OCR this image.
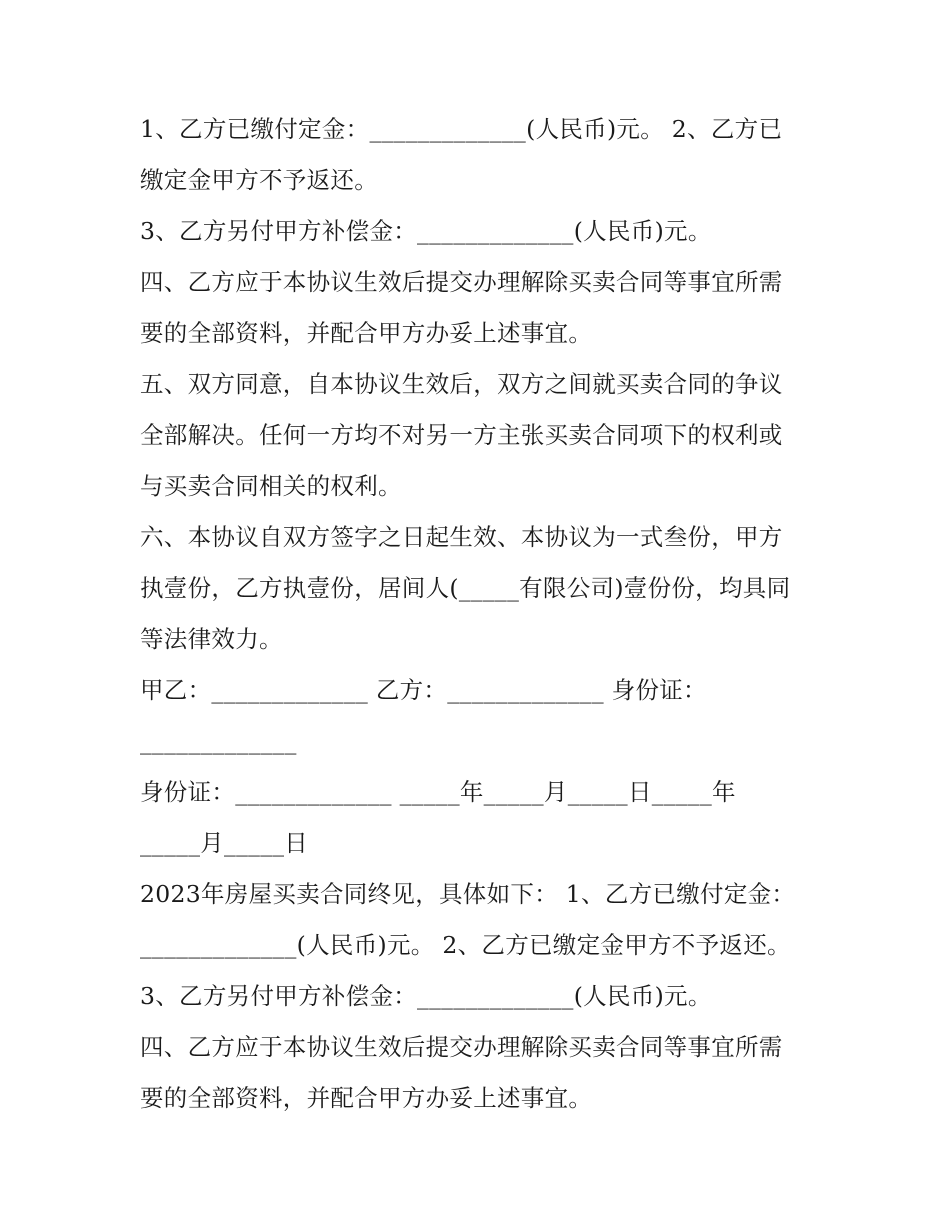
1、乙方已缴付定金：_____________(人民币)元。 2、乙方已

缴定金甲方不予返还。

3、乙方另付甲方补偿金：_____________(人民币)元。

四、乙方应于本协议生效后提交办理解除买卖合同等事宜所需

要的全部资料，并配合甲方办妥上述事宜。

五、双方同意，自本协议生效后，双方之间就买卖合同的争议

全部解决。任何一方均不对另一方主张买卖合同项下的权利或

与买卖合同相关的权利。

六、本协议自双方签字之日起生效、本协议为一式叁份，甲方

执壹份，乙方执壹份，居间人(_____有限公司)壹份份，均具同

等法律效力。

甲乙：_____________ 乙方：_____________ 身份证：

_____________

身份证：_____________ _____年_____月_____日_____年

_____月_____日

2023年房屋买卖合同终见，具体如下： 1、乙方已缴付定金：

_____________(人民币)元。 2、乙方已缴定金甲方不予返还。

3、乙方另付甲方补偿金：_____________(人民币)元。

四、乙方应于本协议生效后提交办理解除买卖合同等事宜所需

要的全部资料，并配合甲方办妥上述事宜。
